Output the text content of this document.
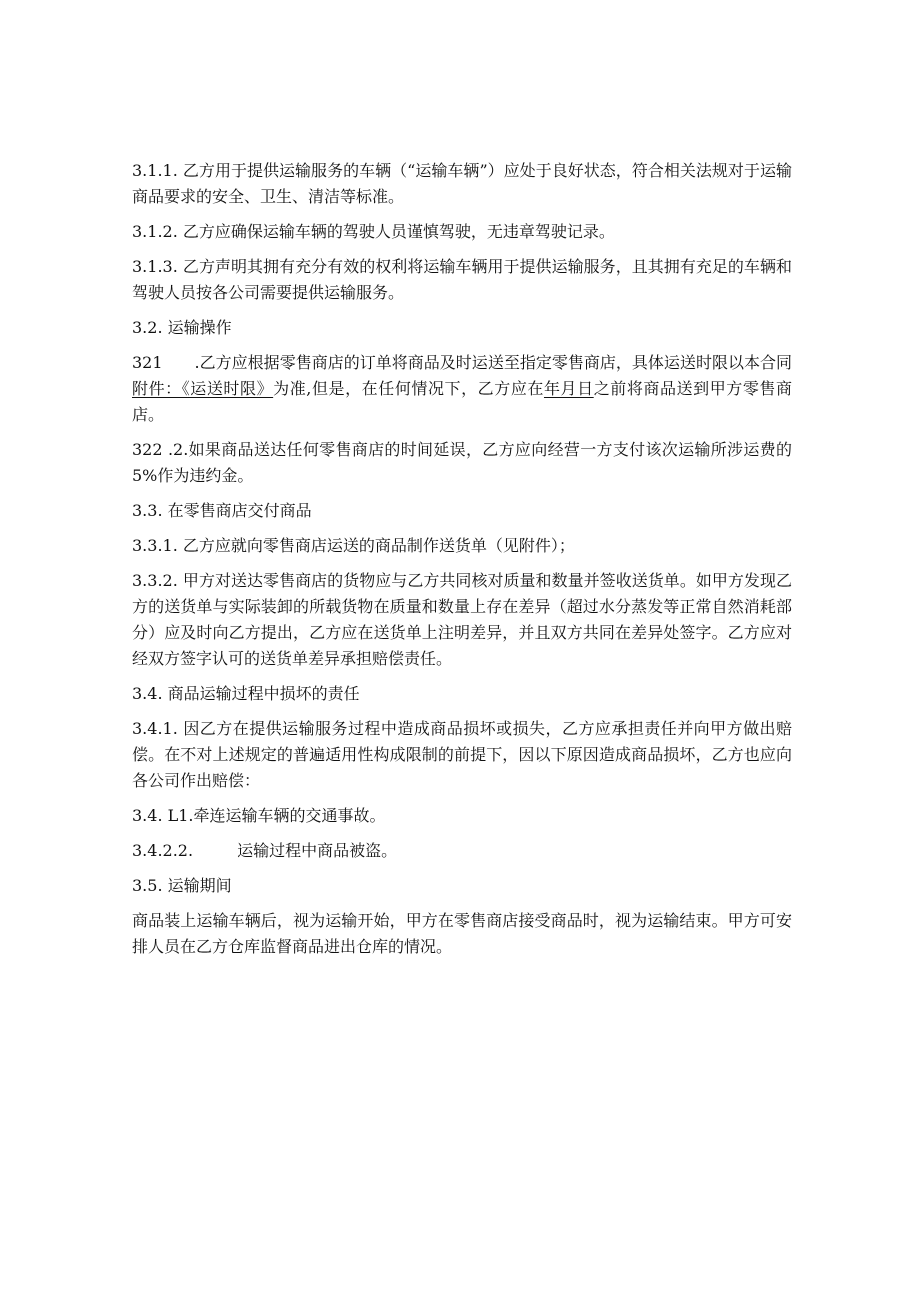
3.1.1. 乙方用于提供运输服务的车辆（“运输车辆”）应处于良好状态，符合相关法规对于运输商品要求的安全、卫生、清洁等标准。

3.1.2. 乙方应确保运输车辆的驾驶人员谨慎驾驶，无违章驾驶记录。

3.1.3. 乙方声明其拥有充分有效的权利将运输车辆用于提供运输服务，且其拥有充足的车辆和驾驶人员按各公司需要提供运输服务。

3.2. 运输操作

321 .乙方应根据零售商店的订单将商品及时运送至指定零售商店，具体运送时限以本合同附件：《运送时限》为准,但是，在任何情况下，乙方应在年月日之前将商品送到甲方零售商店。

322 .2.如果商品送达任何零售商店的时间延误，乙方应向经营一方支付该次运输所涉运费的 5%作为违约金。

3.3. 在零售商店交付商品

3.3.1. 乙方应就向零售商店运送的商品制作送货单（见附件）；

3.3.2. 甲方对送达零售商店的货物应与乙方共同核对质量和数量并签收送货单。如甲方发现乙方的送货单与实际装卸的所载货物在质量和数量上存在差异（超过水分蒸发等正常自然消耗部分）应及时向乙方提出，乙方应在送货单上注明差异，并且双方共同在差异处签字。乙方应对经双方签字认可的送货单差异承担赔偿责任。

3.4. 商品运输过程中损坏的责任

3.4.1. 因乙方在提供运输服务过程中造成商品损坏或损失，乙方应承担责任并向甲方做出赔偿。在不对上述规定的普遍适用性构成限制的前提下，因以下原因造成商品损坏，乙方也应向各公司作出赔偿：

3.4. L1.牵连运输车辆的交通事故。

3.4.2.2.	运输过程中商品被盗。

3.5. 运输期间

商品装上运输车辆后，视为运输开始，甲方在零售商店接受商品时，视为运输结束。甲方可安排人员在乙方仓库监督商品进出仓库的情况。
